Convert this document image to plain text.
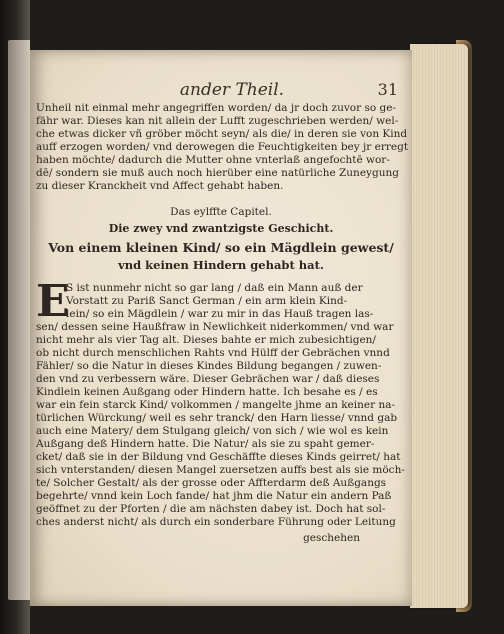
ander Theil.	31
Unheil nit einmal mehr angegriffen worden/ da jr doch zuvor so ge-
fähr war. Dieses kan nit allein der Lufft zugeschrieben werden/ wel-
che etwas dicker vñ gröber möcht seyn/ als die/ in deren sie von Kind
auff erzogen worden/ vnd derowegen die Feuchtigkeiten bey jr erregt
haben möchte/ dadurch die Mutter ohne vnterlaß angefochtē wor-
dē/ sondern sie muß auch noch hierüber eine natürliche Zuneygung
zu dieser Kranckheit vnd Affect gehabt haben.
Das eylffte Capitel.
Die zwey vnd zwantzigste Geschicht.
Von einem kleinen Kind/ so ein Mägdlein gewest/
vnd keinen Hindern gehabt hat.
S ist nunmehr nicht so gar lang / daß ein Mann auß der
Vorstatt zu Pariß Sanct German / ein arm klein Kind-
lein/ so ein Mägdlein / war zu mir in das Hauß tragen las-
sen/ dessen seine Haußfraw in Newlichkeit niderkommen/ vnd war
nicht mehr als vier Tag alt. Dieses bahte er mich zubesichtigen/
ob nicht durch menschlichen Rahts vnd Hülff der Gebrächen vnnd
Fähler/ so die Natur in dieses Kindes Bildung begangen / zuwen-
den vnd zu verbessern wäre. Dieser Gebrächen war / daß dieses
Kindlein keinen Außgang oder Hindern hatte. Ich besahe es / es
war ein fein starck Kind/ volkommen / mangelte jhme an keiner na-
türlichen Würckung/ weil es sehr tranck/ den Harn liesse/ vnnd gab
auch eine Matery/ dem Stulgang gleich/ von sich / wie wol es kein
Außgang deß Hindern hatte. Die Natur/ als sie zu spaht gemer-
cket/ daß sie in der Bildung vnd Geschäffte dieses Kinds geirret/ hat
sich vnterstanden/ diesen Mangel zuersetzen auffs best als sie möch-
te/ Solcher Gestalt/ als der grosse oder Affterdarm deß Außgangs
begehrte/ vnnd kein Loch fande/ hat jhm die Natur ein andern Paß
geöffnet zu der Pforten / die am nächsten dabey ist. Doch hat sol-
ches anderst nicht/ als durch ein sonderbare Führung oder Leitung
geschehen
E
